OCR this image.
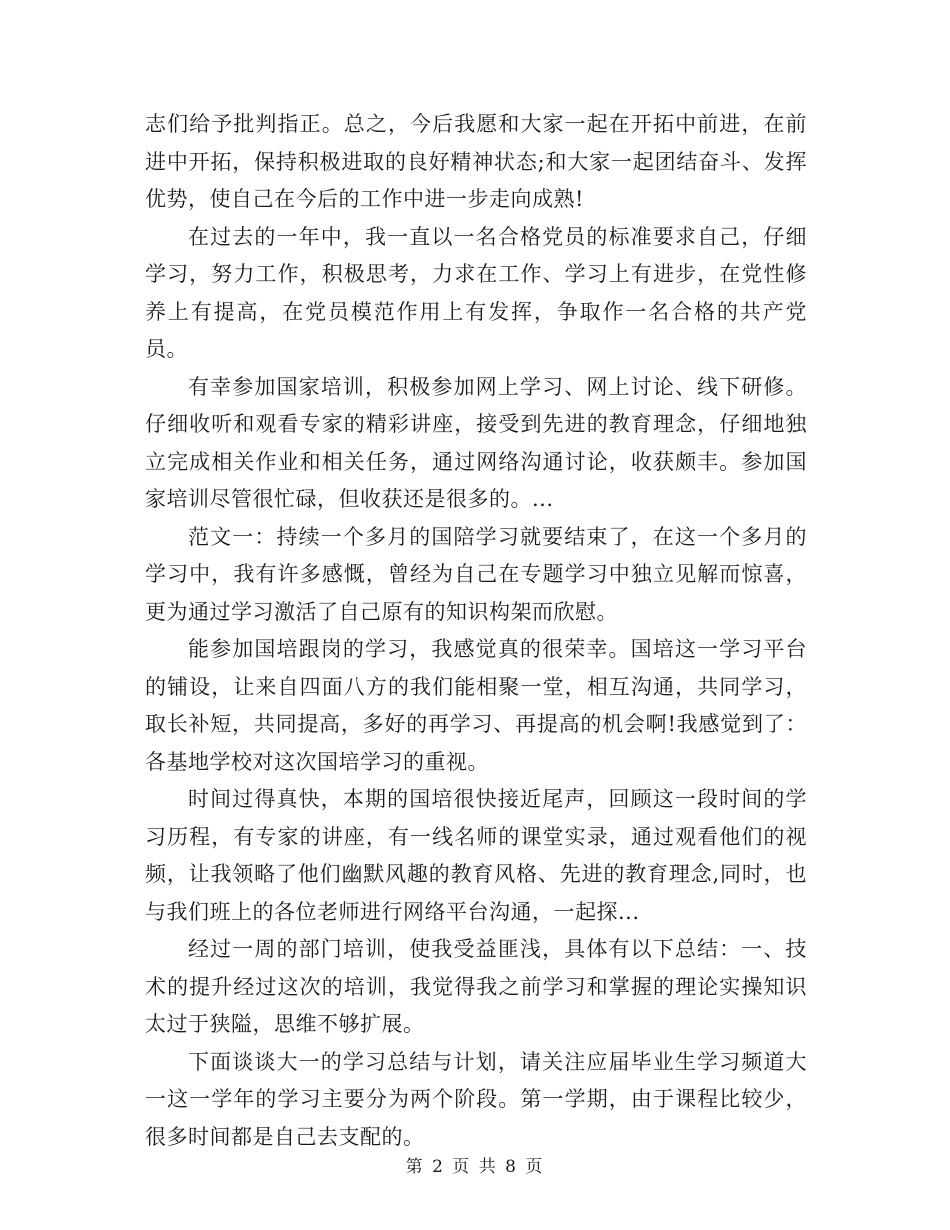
志们给予批判指正。总之，今后我愿和大家一起在开拓中前进，在前进中开拓，保持积极进取的良好精神状态;和大家一起团结奋斗、发挥优势，使自己在今后的工作中进一步走向成熟!

在过去的一年中，我一直以一名合格党员的标准要求自己，仔细学习，努力工作，积极思考，力求在工作、学习上有进步，在党性修养上有提高，在党员模范作用上有发挥，争取作一名合格的共产党员。

有幸参加国家培训，积极参加网上学习、网上讨论、线下研修。仔细收听和观看专家的精彩讲座，接受到先进的教育理念，仔细地独立完成相关作业和相关任务，通过网络沟通讨论，收获颇丰。参加国家培训尽管很忙碌，但收获还是很多的。...

范文一：持续一个多月的国陪学习就要结束了，在这一个多月的学习中，我有许多感慨，曾经为自己在专题学习中独立见解而惊喜，更为通过学习激活了自己原有的知识构架而欣慰。

能参加国培跟岗的学习，我感觉真的很荣幸。国培这一学习平台的铺设，让来自四面八方的我们能相聚一堂，相互沟通，共同学习，取长补短，共同提高，多好的再学习、再提高的机会啊!我感觉到了：各基地学校对这次国培学习的重视。

时间过得真快，本期的国培很快接近尾声，回顾这一段时间的学习历程，有专家的讲座，有一线名师的课堂实录，通过观看他们的视频，让我领略了他们幽默风趣的教育风格、先进的教育理念,同时，也与我们班上的各位老师进行网络平台沟通，一起探...

经过一周的部门培训，使我受益匪浅，具体有以下总结：一、技术的提升经过这次的培训，我觉得我之前学习和掌握的理论实操知识太过于狭隘，思维不够扩展。

下面谈谈大一的学习总结与计划，请关注应届毕业生学习频道大一这一学年的学习主要分为两个阶段。第一学期，由于课程比较少，很多时间都是自己去支配的。

第 2 页 共 8 页
